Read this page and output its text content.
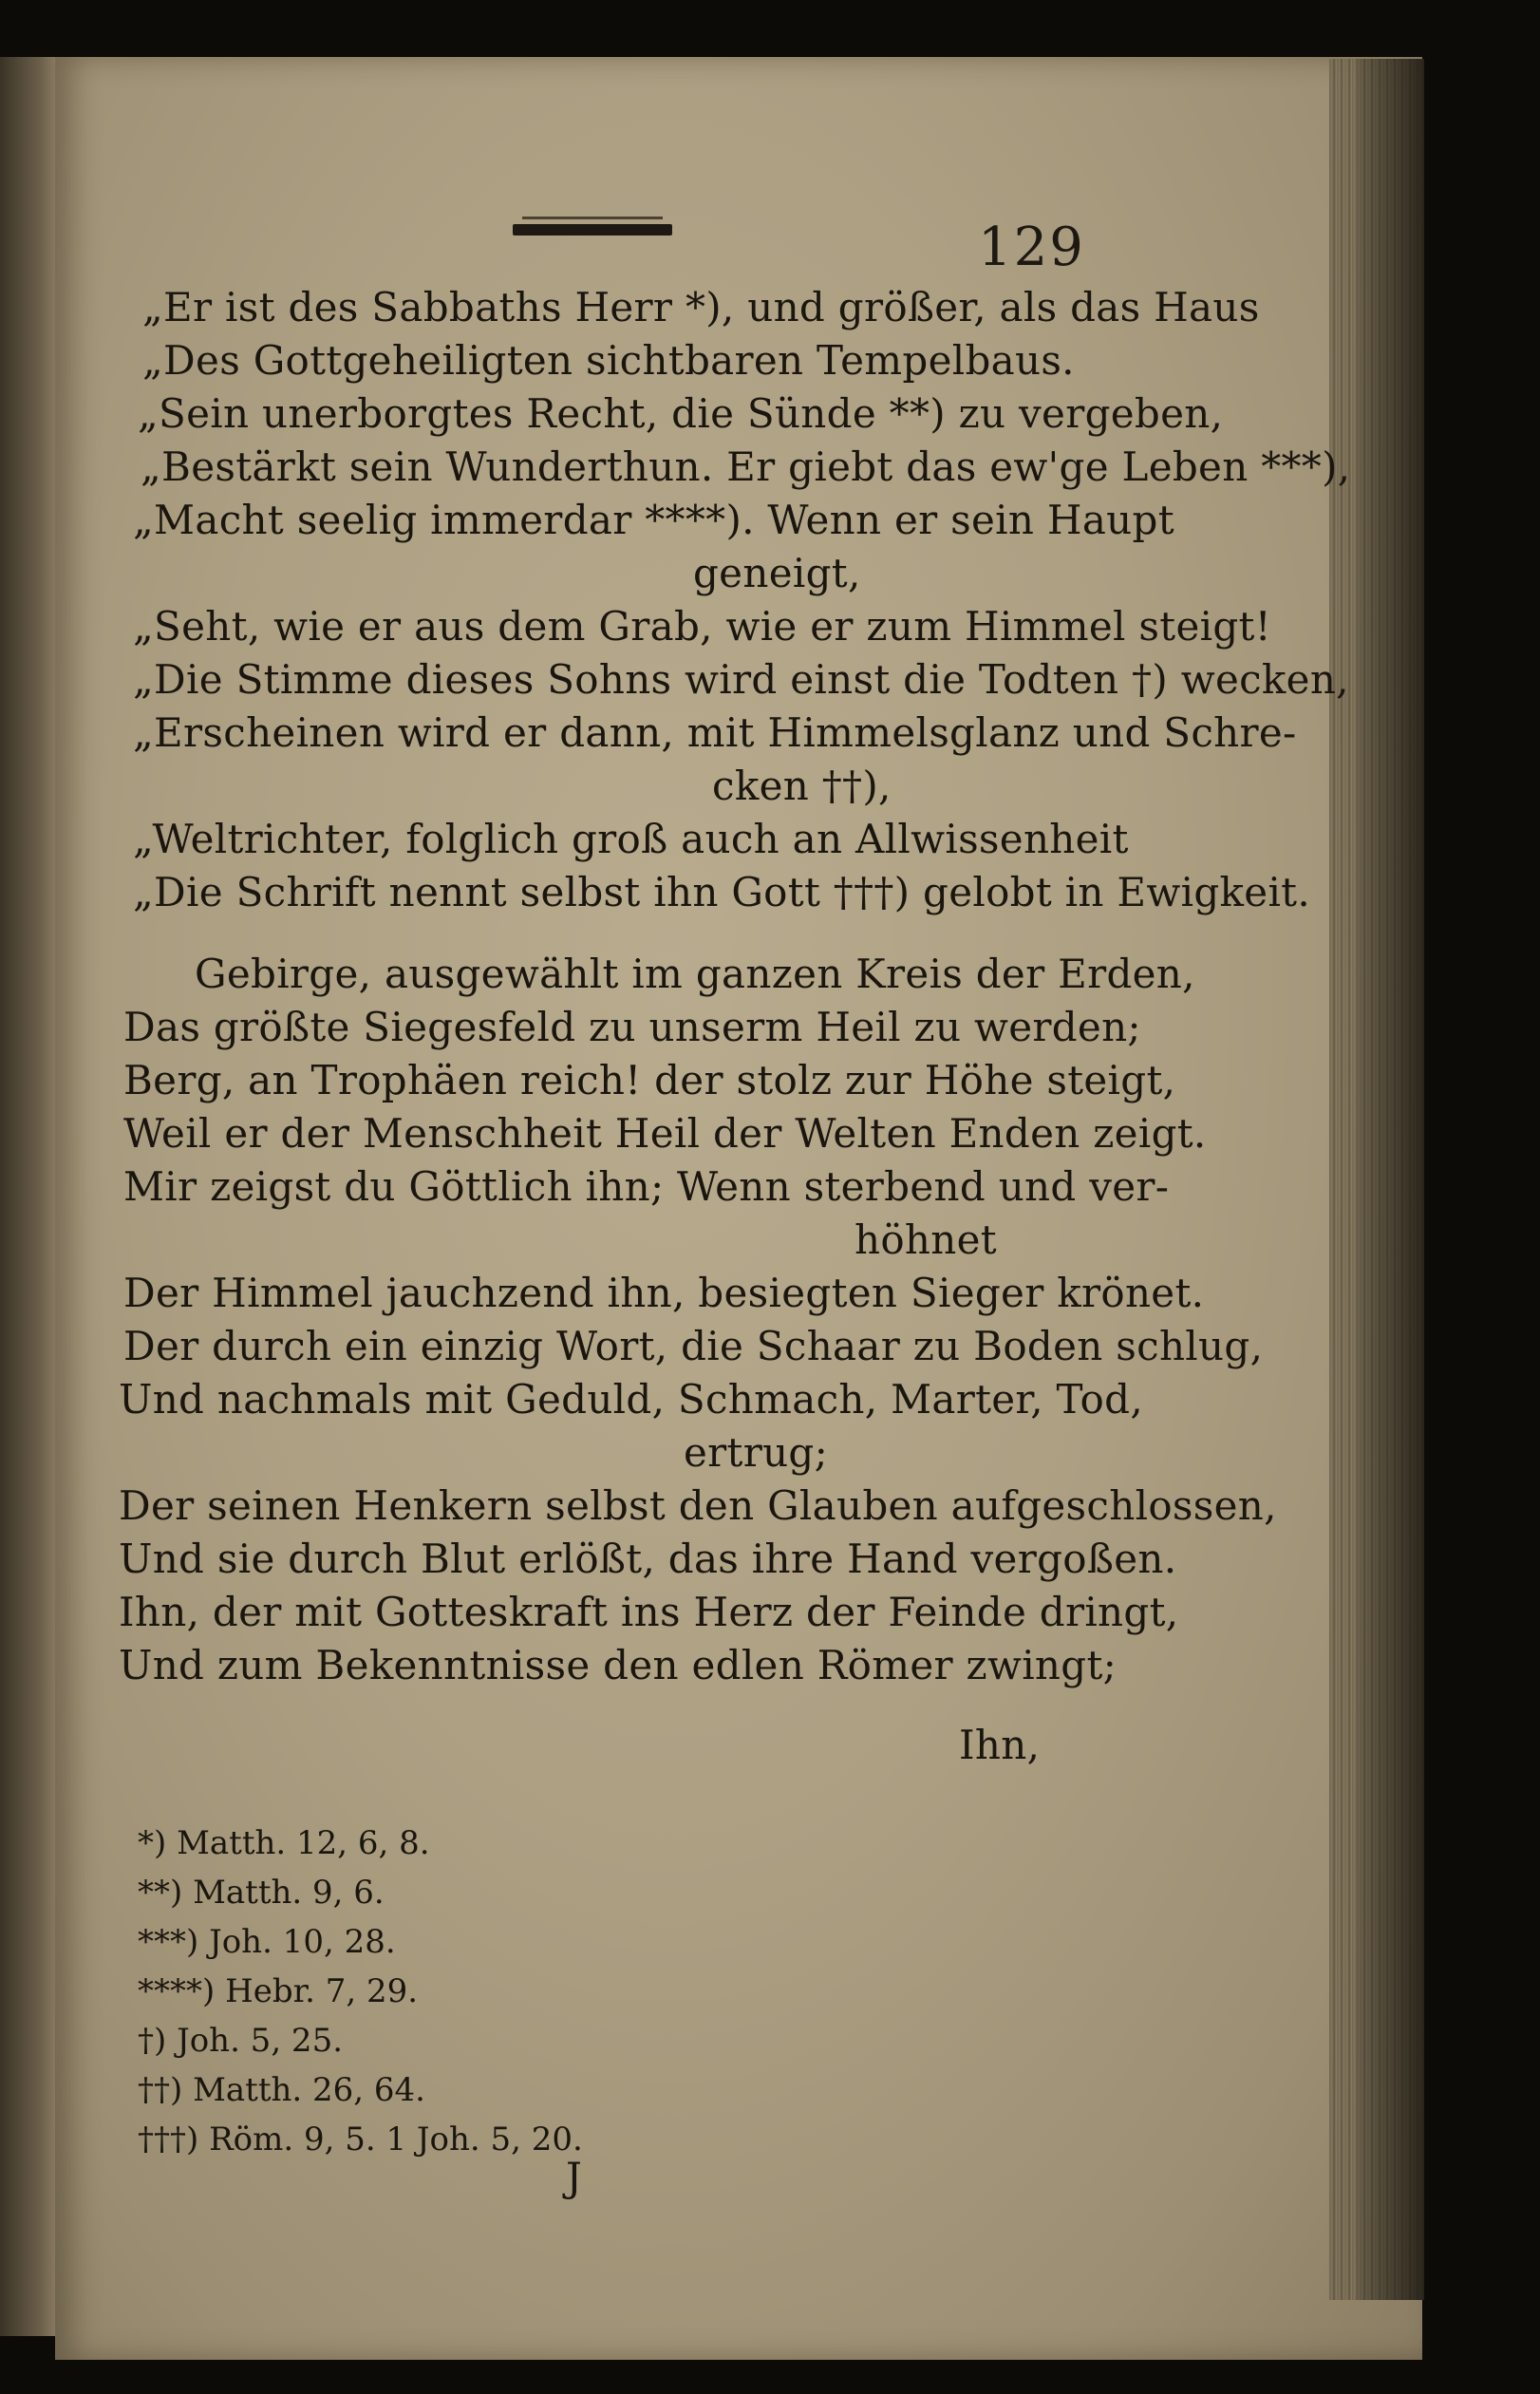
129
„Er ist des Sabbaths Herr *), und größer, als das Haus
„Des Gottgeheiligten sichtbaren Tempelbaus.
„Sein unerborgtes Recht, die Sünde **) zu vergeben,
„Bestärkt sein Wunderthun. Er giebt das ew'ge Leben ***),
„Macht seelig immerdar ****). Wenn er sein Haupt
geneigt,
„Seht, wie er aus dem Grab, wie er zum Himmel steigt!
„Die Stimme dieses Sohns wird einst die Todten †) wecken,
„Erscheinen wird er dann, mit Himmelsglanz und Schre-
cken ††),
„Weltrichter, folglich groß auch an Allwissenheit
„Die Schrift nennt selbst ihn Gott †††) gelobt in Ewigkeit.
Gebirge, ausgewählt im ganzen Kreis der Erden,
Das größte Siegesfeld zu unserm Heil zu werden;
Berg, an Trophäen reich! der stolz zur Höhe steigt,
Weil er der Menschheit Heil der Welten Enden zeigt.
Mir zeigst du Göttlich ihn; Wenn sterbend und ver-
höhnet
Der Himmel jauchzend ihn, besiegten Sieger krönet.
Der durch ein einzig Wort, die Schaar zu Boden schlug,
Und nachmals mit Geduld, Schmach, Marter, Tod,
ertrug;
Der seinen Henkern selbst den Glauben aufgeschlossen,
Und sie durch Blut erlößt, das ihre Hand vergoßen.
Ihn, der mit Gotteskraft ins Herz der Feinde dringt,
Und zum Bekenntnisse den edlen Römer zwingt;
Ihn,
*) Matth. 12, 6, 8.
**) Matth. 9, 6.
***) Joh. 10, 28.
****) Hebr. 7, 29.
†) Joh. 5, 25.
††) Matth. 26, 64.
†††) Röm. 9, 5. 1 Joh. 5, 20.
J
